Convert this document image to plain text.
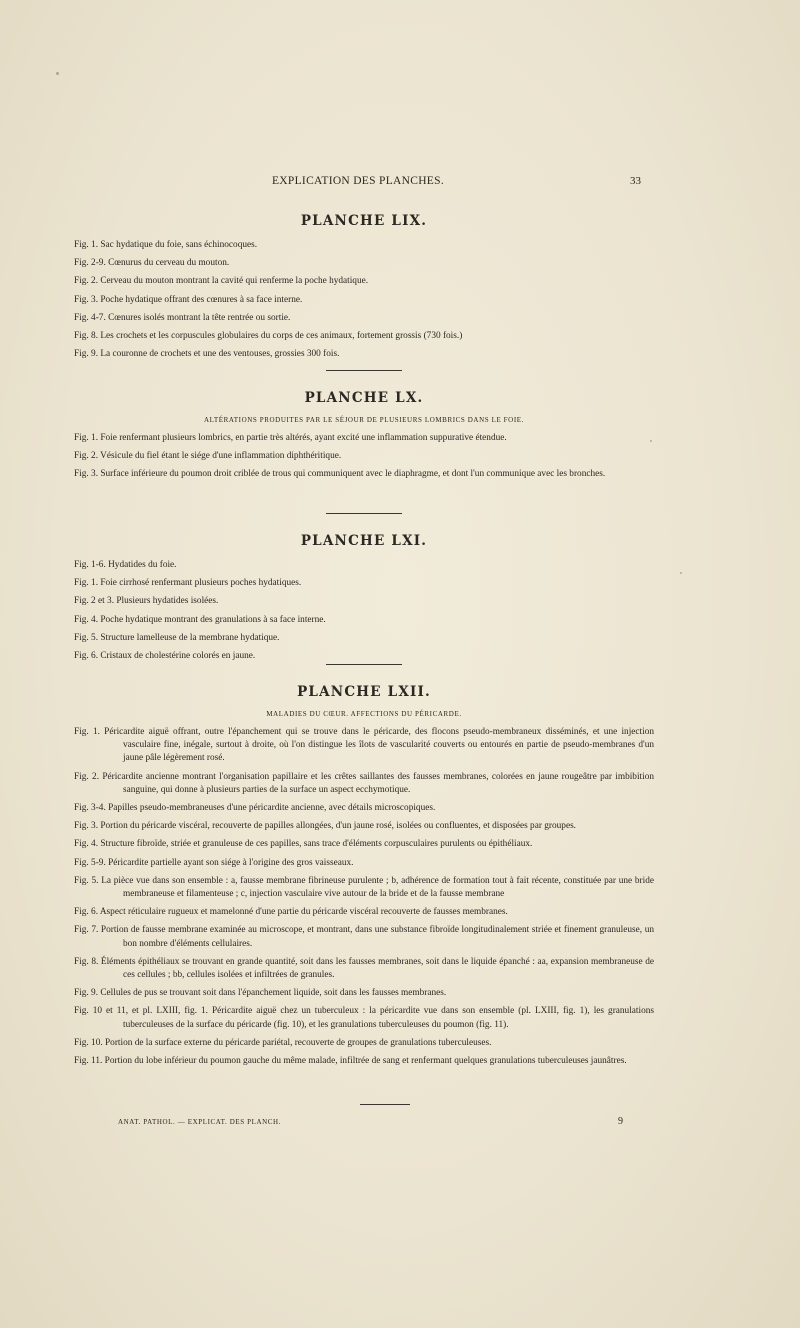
EXPLICATION DES PLANCHES.	33
PLANCHE LIX.
Fig. 1. Sac hydatique du foie, sans échinocoques.
Fig. 2-9. Cœnurus du cerveau du mouton.
Fig. 2. Cerveau du mouton montrant la cavité qui renferme la poche hydatique.
Fig. 3. Poche hydatique offrant des cœnures à sa face interne.
Fig. 4-7. Cœnures isolés montrant la tête rentrée ou sortie.
Fig. 8. Les crochets et les corpuscules globulaires du corps de ces animaux, fortement grossis (730 fois.)
Fig. 9. La couronne de crochets et une des ventouses, grossies 300 fois.
PLANCHE LX.
ALTÉRATIONS PRODUITES PAR LE SÉJOUR DE PLUSIEURS LOMBRICS DANS LE FOIE.
Fig. 1. Foie renfermant plusieurs lombrics, en partie très altérés, ayant excité une inflammation suppurative étendue.
Fig. 2. Vésicule du fiel étant le siége d'une inflammation diphthéritique.
Fig. 3. Surface inférieure du poumon droit criblée de trous qui communiquent avec le diaphragme, et dont l'un communique avec les bronches.
PLANCHE LXI.
Fig. 1-6. Hydatides du foie.
Fig. 1. Foie cirrhosé renfermant plusieurs poches hydatiques.
Fig. 2 et 3. Plusieurs hydatides isolées.
Fig. 4. Poche hydatique montrant des granulations à sa face interne.
Fig. 5. Structure lamelleuse de la membrane hydatique.
Fig. 6. Cristaux de cholestérine colorés en jaune.
PLANCHE LXII.
MALADIES DU CŒUR. AFFECTIONS DU PÉRICARDE.
Fig. 1. Péricardite aiguë offrant, outre l'épanchement qui se trouve dans le péricarde, des flocons pseudo-membraneux disséminés, et une injection vasculaire fine, inégale, surtout à droite, où l'on distingue les îlots de vascularité couverts ou entourés en partie de pseudo-membranes d'un jaune pâle légèrement rosé.
Fig. 2. Péricardite ancienne montrant l'organisation papillaire et les crêtes saillantes des fausses membranes, colorées en jaune rougeâtre par imbibition sanguine, qui donne à plusieurs parties de la surface un aspect ecchymotique.
Fig. 3-4. Papilles pseudo-membraneuses d'une péricardite ancienne, avec détails microscopiques.
Fig. 3. Portion du péricarde viscéral, recouverte de papilles allongées, d'un jaune rosé, isolées ou confluentes, et disposées par groupes.
Fig. 4. Structure fibroïde, striée et granuleuse de ces papilles, sans trace d'éléments corpusculaires purulents ou épithéliaux.
Fig. 5-9. Péricardite partielle ayant son siége à l'origine des gros vaisseaux.
Fig. 5. La pièce vue dans son ensemble : a, fausse membrane fibrineuse purulente ; b, adhérence de formation tout à fait récente, constituée par une bride membraneuse et filamenteuse ; c, injection vasculaire vive autour de la bride et de la fausse membrane
Fig. 6. Aspect réticulaire rugueux et mamelonné d'une partie du péricarde viscéral recouverte de fausses membranes.
Fig. 7. Portion de fausse membrane examinée au microscope, et montrant, dans une substance fibroïde longitudinalement striée et finement granuleuse, un bon nombre d'éléments cellulaires.
Fig. 8. Éléments épithéliaux se trouvant en grande quantité, soit dans les fausses membranes, soit dans le liquide épanché : aa, expansion membraneuse de ces cellules ; bb, cellules isolées et infiltrées de granules.
Fig. 9. Cellules de pus se trouvant soit dans l'épanchement liquide, soit dans les fausses membranes.
Fig. 10 et 11, et pl. LXIII, fig. 1. Péricardite aiguë chez un tuberculeux : la péricardite vue dans son ensemble (pl. LXIII, fig. 1), les granulations tuberculeuses de la surface du péricarde (fig. 10), et les granulations tuberculeuses du poumon (fig. 11).
Fig. 10. Portion de la surface externe du péricarde pariétal, recouverte de groupes de granulations tuberculeuses.
Fig. 11. Portion du lobe inférieur du poumon gauche du même malade, infiltrée de sang et renfermant quelques granulations tuberculeuses jaunâtres.
ANAT. PATHOL. — EXPLICAT. DES PLANCH.	9
